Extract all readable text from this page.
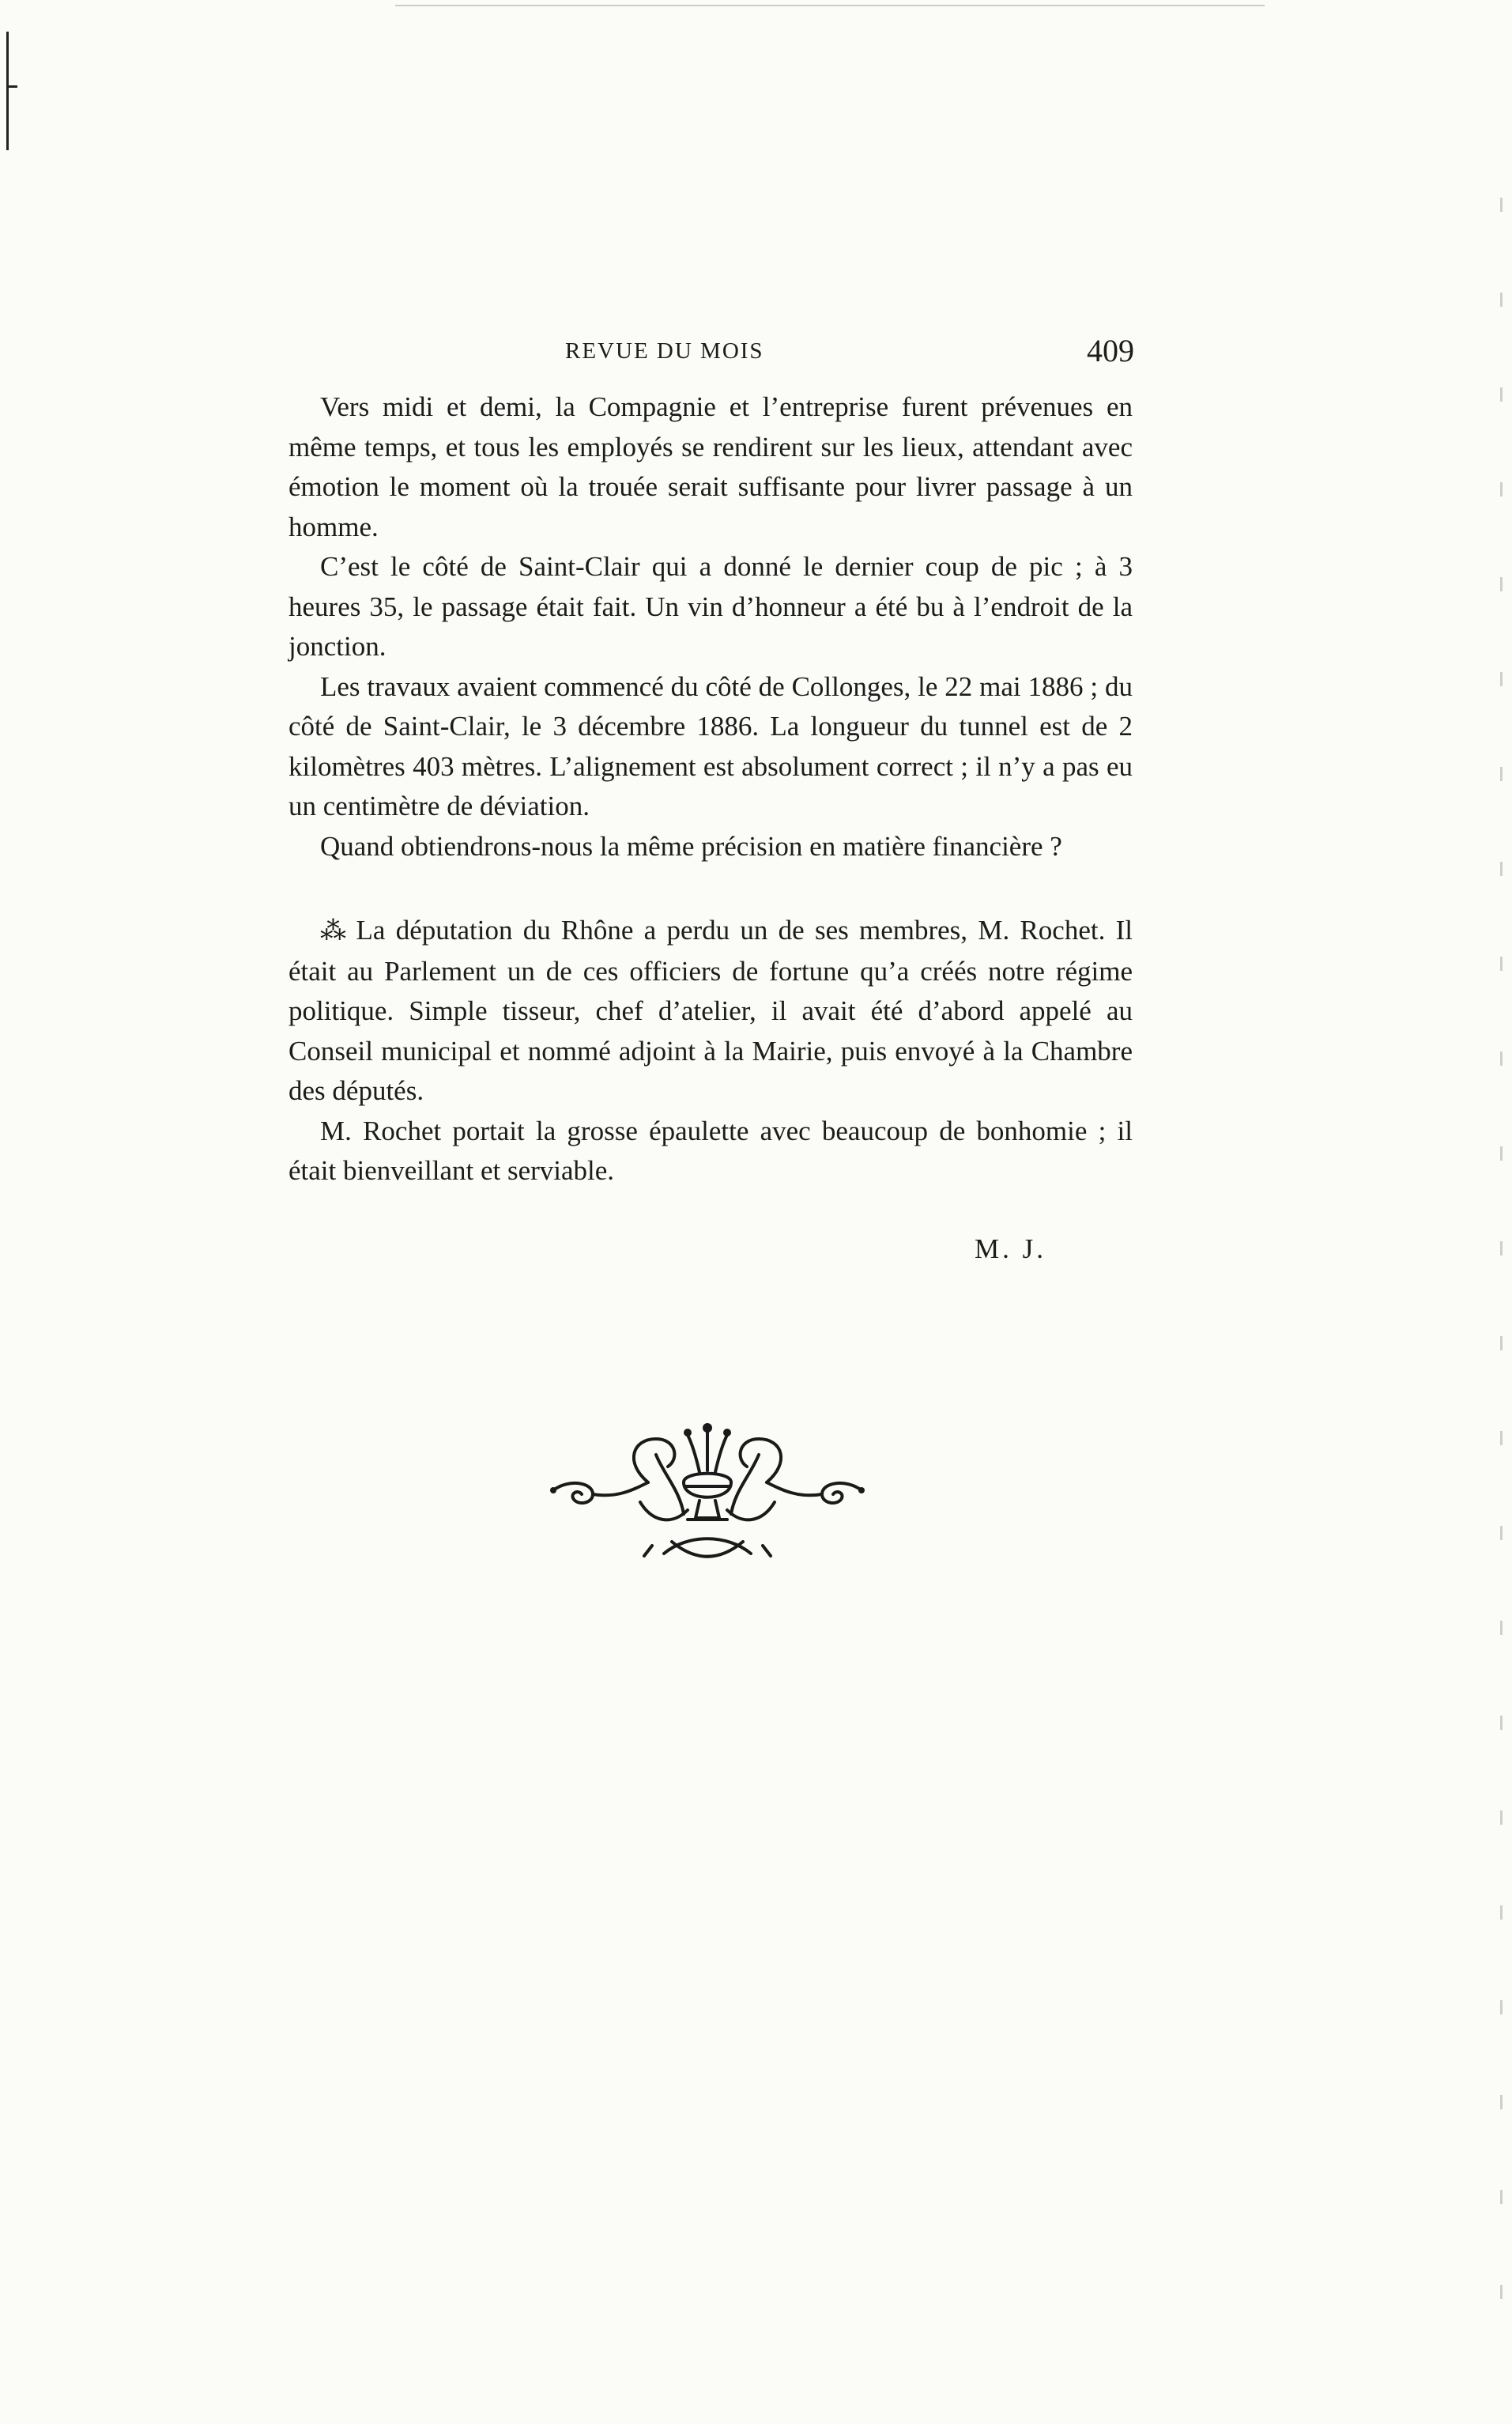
REVUE DU MOIS	409

Vers midi et demi, la Compagnie et l’entreprise furent prévenues en même temps, et tous les employés se rendirent sur les lieux, attendant avec émotion le moment où la trouée serait suffisante pour livrer passage à un homme.

C’est le côté de Saint-Clair qui a donné le dernier coup de pic ; à 3 heures 35, le passage était fait. Un vin d’honneur a été bu à l’endroit de la jonction.

Les travaux avaient commencé du côté de Collonges, le 22 mai 1886 ; du côté de Saint-Clair, le 3 décembre 1886. La longueur du tunnel est de 2 kilomètres 403 mètres. L’alignement est absolument correct ; il n’y a pas eu un centimètre de déviation.

Quand obtiendrons-nous la même précision en matière financière ?

⁂ La députation du Rhône a perdu un de ses membres, M. Rochet. Il était au Parlement un de ces officiers de fortune qu’a créés notre régime politique. Simple tisseur, chef d’atelier, il avait été d’abord appelé au Conseil municipal et nommé adjoint à la Mairie, puis envoyé à la Chambre des députés.

M. Rochet portait la grosse épaulette avec beaucoup de bonhomie ; il était bienveillant et serviable.

M. J.
